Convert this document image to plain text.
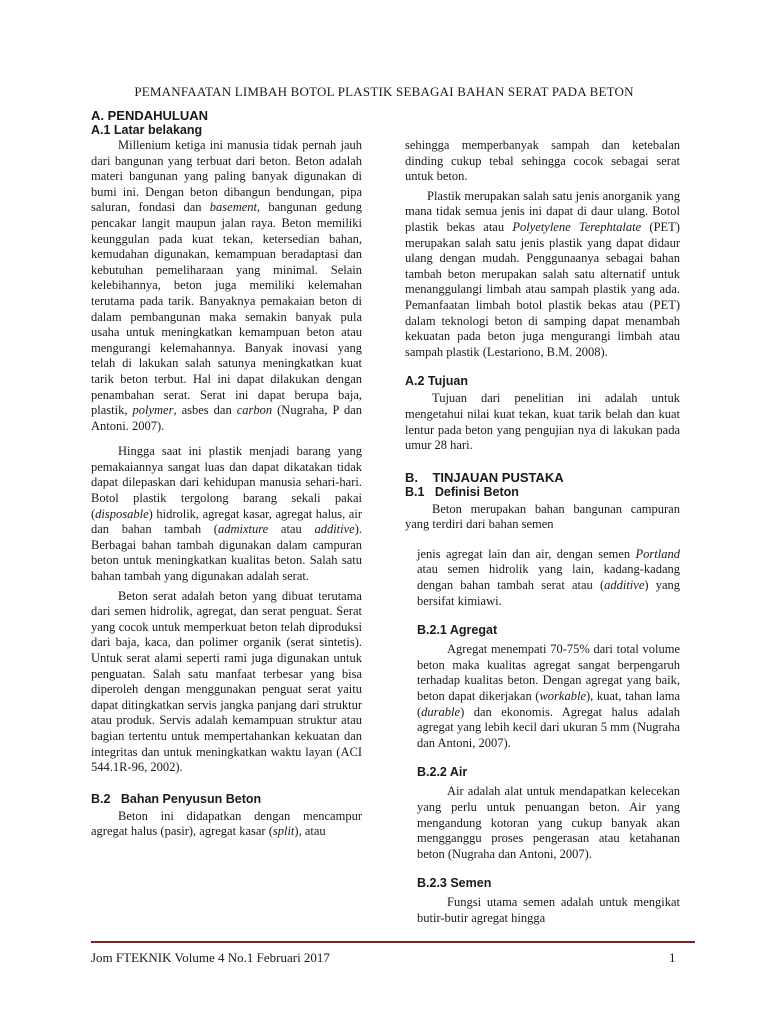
PEMANFAATAN LIMBAH BOTOL PLASTIK SEBAGAI BAHAN SERAT PADA BETON
A. PENDAHULUAN
A.1 Latar belakang

Millenium ketiga ini manusia tidak pernah jauh dari bangunan yang terbuat dari beton. Beton adalah materi bangunan yang paling banyak digunakan di bumi ini. Dengan beton dibangun bendungan, pipa saluran, fondasi dan basement, bangunan gedung pencakar langit maupun jalan raya. Beton memiliki keunggulan pada kuat tekan, ketersedian bahan, kemudahan digunakan, kemampuan beradaptasi dan kebutuhan pemeliharaan yang minimal. Selain kelebihannya, beton juga memiliki kelemahan terutama pada tarik. Banyaknya pemakaian beton di dalam pembangunan maka semakin banyak pula usaha untuk meningkatkan kemampuan beton atau mengurangi kelemahannya. Banyak inovasi yang telah di lakukan salah satunya meningkatkan kuat tarik beton terbut. Hal ini dapat dilakukan dengan penambahan serat. Serat ini dapat berupa baja, plastik, polymer, asbes dan carbon (Nugraha, P dan Antoni. 2007).

Hingga saat ini plastik menjadi barang yang pemakaiannya sangat luas dan dapat dikatakan tidak dapat dilepaskan dari kehidupan manusia sehari-hari. Botol plastik tergolong barang sekali pakai (disposable) hidrolik, agregat kasar, agregat halus, air dan bahan tambah (admixture atau additive). Berbagai bahan tambah digunakan dalam campuran beton untuk meningkatkan kualitas beton. Salah satu bahan tambah yang digunakan adalah serat.

Beton serat adalah beton yang dibuat terutama dari semen hidrolik, agregat, dan serat penguat. Serat yang cocok untuk memperkuat beton telah diproduksi dari baja, kaca, dan polimer organik (serat sintetis). Untuk serat alami seperti rami juga digunakan untuk penguatan. Salah satu manfaat terbesar yang bisa diperoleh dengan menggunakan penguat serat yaitu dapat ditingkatkan servis jangka panjang dari struktur atau produk. Servis adalah kemampuan struktur atau bagian tertentu untuk mempertahankan kekuatan dan integritas dan untuk meningkatkan waktu layan (ACI 544.1R-96, 2002).

B.2   Bahan Penyusun Beton

Beton ini didapatkan dengan mencampur agregat halus (pasir), agregat kasar (split), atau

sehingga memperbanyak sampah dan ketebalan dinding cukup tebal sehingga cocok sebagai serat untuk beton.

Plastik merupakan salah satu jenis anorganik yang mana tidak semua jenis ini dapat di daur ulang. Botol plastik bekas atau Polyetylene Terephtalate (PET) merupakan salah satu jenis plastik yang dapat didaur ulang dengan mudah. Penggunaanya sebagai bahan tambah beton merupakan salah satu alternatif untuk menanggulangi limbah atau sampah plastik yang ada. Pemanfaatan limbah botol plastik bekas atau (PET) dalam teknologi beton di samping dapat menambah kekuatan pada beton juga mengurangi limbah atau sampah plastik (Lestariono, B.M. 2008).

A.2 Tujuan

Tujuan dari penelitian ini adalah untuk mengetahui nilai kuat tekan, kuat tarik belah dan kuat lentur pada beton yang pengujian nya di lakukan pada umur 28 hari.

B.    TINJAUAN PUSTAKA
B.1   Definisi Beton

Beton merupakan bahan bangunan campuran yang terdiri dari bahan semen

jenis agregat lain dan air, dengan semen Portland atau semen hidrolik yang lain, kadang-kadang dengan bahan tambah serat atau (additive) yang bersifat kimiawi.

B.2.1 Agregat

Agregat menempati 70-75% dari total volume beton maka kualitas agregat sangat berpengaruh terhadap kualitas beton. Dengan agregat yang baik, beton dapat dikerjakan (workable), kuat, tahan lama (durable) dan ekonomis. Agregat halus adalah agregat yang lebih kecil dari ukuran 5 mm (Nugraha dan Antoni, 2007).

B.2.2 Air

Air adalah alat untuk mendapatkan kelecekan yang perlu untuk penuangan beton. Air yang mengandung kotoran yang cukup banyak akan mengganggu proses pengerasan atau ketahanan beton (Nugraha dan Antoni, 2007).

B.2.3 Semen

Fungsi utama semen adalah untuk mengikat butir-butir agregat hingga

Jom FTEKNIK Volume 4 No.1 Februari 2017	1
